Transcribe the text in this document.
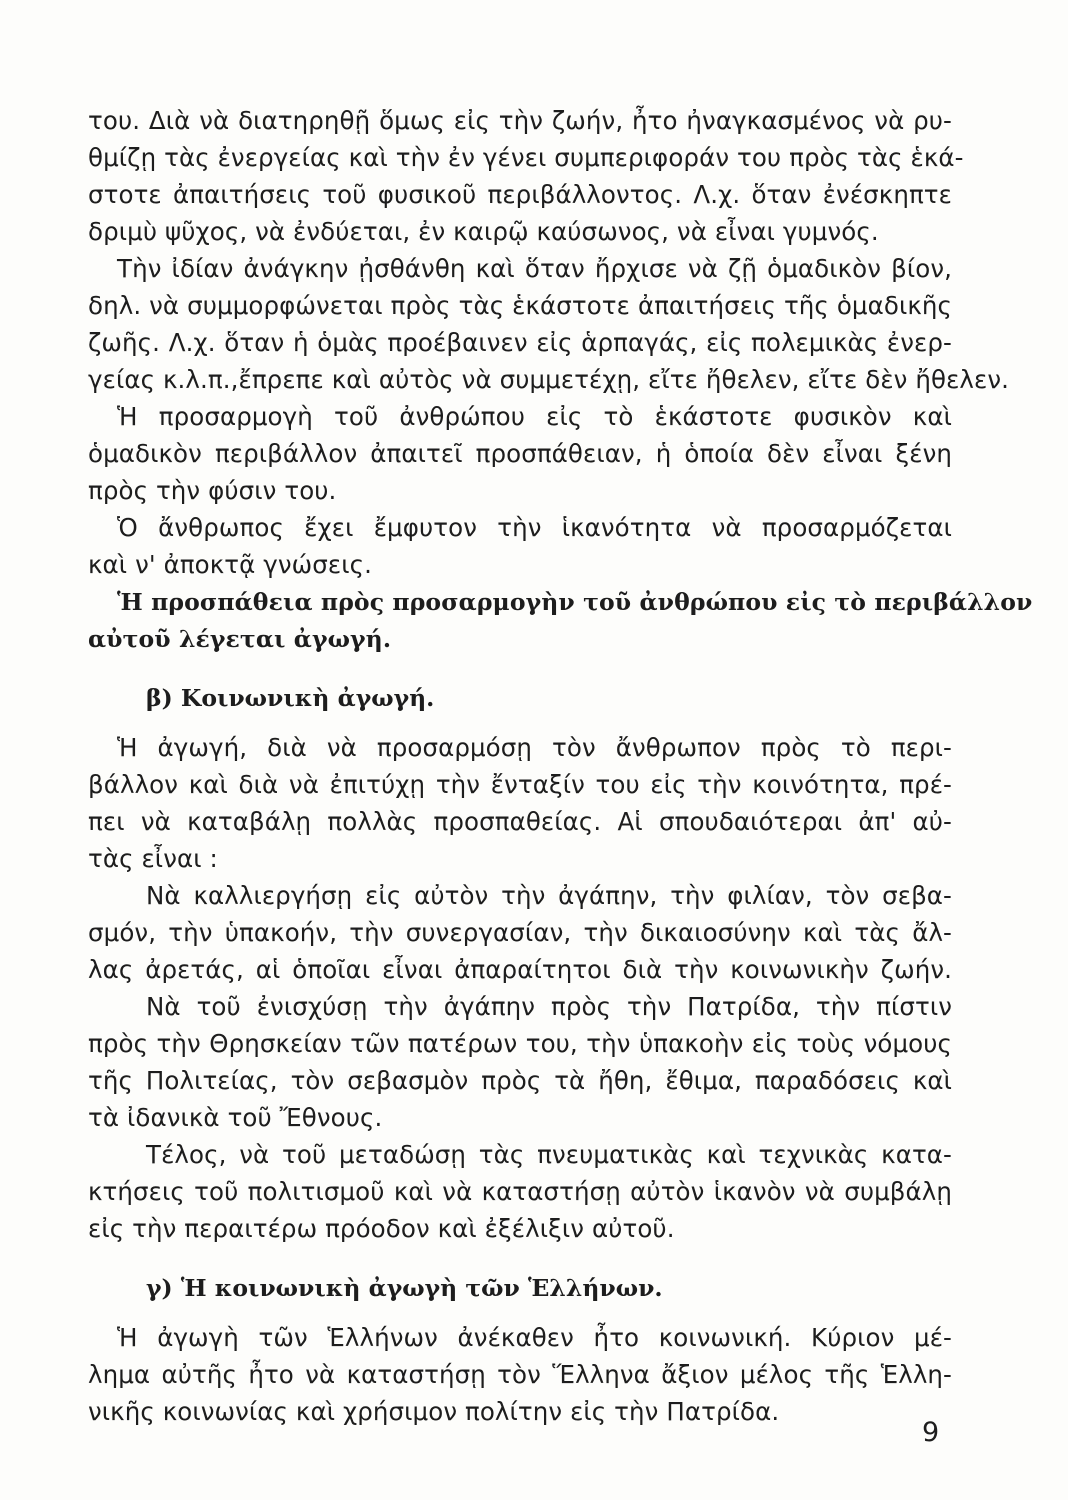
του. Διὰ νὰ διατηρηθῇ ὅμως εἰς τὴν ζωήν, ἦτο ἠναγκασμένος νὰ ρυ-
θμίζῃ τὰς ἐνεργείας καὶ τὴν ἐν γένει συμπεριφοράν του πρὸς τὰς ἑκά-
στοτε ἀπαιτήσεις τοῦ φυσικοῦ περιβάλλοντος. Λ.χ. ὅταν ἐνέσκηπτε
δριμὺ ψῦχος, νὰ ἐνδύεται, ἐν καιρῷ καύσωνος, νὰ εἶναι γυμνός.
Τὴν ἰδίαν ἀνάγκην ᾐσθάνθη καὶ ὅταν ἤρχισε νὰ ζῇ ὁμαδικὸν βίον,
δηλ. νὰ συμμορφώνεται πρὸς τὰς ἑκάστοτε ἀπαιτήσεις τῆς ὁμαδικῆς
ζωῆς. Λ.χ. ὅταν ἡ ὁμὰς προέβαινεν εἰς ἁρπαγάς, εἰς πολεμικὰς ἐνερ-
γείας κ.λ.π.,ἔπρεπε καὶ αὐτὸς νὰ συμμετέχῃ, εἴτε ἤθελεν, εἴτε δὲν ἤθελεν.
Ἡ προσαρμογὴ τοῦ ἀνθρώπου εἰς τὸ ἑκάστοτε φυσικὸν καὶ
ὁμαδικὸν περιβάλλον ἀπαιτεῖ προσπάθειαν, ἡ ὁποία δὲν εἶναι ξένη
πρὸς τὴν φύσιν του.
Ὁ ἄνθρωπος ἔχει ἔμφυτον τὴν ἱκανότητα νὰ προσαρμόζεται
καὶ ν' ἀποκτᾷ γνώσεις.
Ἡ προσπάθεια πρὸς προσαρμογὴν τοῦ ἀνθρώπου εἰς τὸ περιβάλλον
αὐτοῦ λέγεται ἀγωγή.
β) Κοινωνικὴ ἀγωγή.
Ἡ ἀγωγή, διὰ νὰ προσαρμόσῃ τὸν ἄνθρωπον πρὸς τὸ περι-
βάλλον καὶ διὰ νὰ ἐπιτύχῃ τὴν ἔνταξίν του εἰς τὴν κοινότητα, πρέ-
πει νὰ καταβάλῃ πολλὰς προσπαθείας. Αἱ σπουδαιότεραι ἀπ' αὐ-
τὰς εἶναι :
Νὰ καλλιεργήσῃ εἰς αὐτὸν τὴν ἀγάπην, τὴν φιλίαν, τὸν σεβα-
σμόν, τὴν ὑπακοήν, τὴν συνεργασίαν, τὴν δικαιοσύνην καὶ τὰς ἄλ-
λας ἀρετάς, αἱ ὁποῖαι εἶναι ἀπαραίτητοι διὰ τὴν κοινωνικὴν ζωήν.
Νὰ τοῦ ἐνισχύσῃ τὴν ἀγάπην πρὸς τὴν Πατρίδα, τὴν πίστιν
πρὸς τὴν Θρησκείαν τῶν πατέρων του, τὴν ὑπακοὴν εἰς τοὺς νόμους
τῆς Πολιτείας, τὸν σεβασμὸν πρὸς τὰ ἤθη, ἔθιμα, παραδόσεις καὶ
τὰ ἰδανικὰ τοῦ Ἔθνους.
Τέλος, νὰ τοῦ μεταδώσῃ τὰς πνευματικὰς καὶ τεχνικὰς κατα-
κτήσεις τοῦ πολιτισμοῦ καὶ νὰ καταστήσῃ αὐτὸν ἱκανὸν νὰ συμβάλῃ
εἰς τὴν περαιτέρω πρόοδον καὶ ἐξέλιξιν αὐτοῦ.
γ) Ἡ κοινωνικὴ ἀγωγὴ τῶν Ἑλλήνων.
Ἡ ἀγωγὴ τῶν Ἑλλήνων ἀνέκαθεν ἦτο κοινωνική. Κύριον μέ-
λημα αὐτῆς ἦτο νὰ καταστήσῃ τὸν Ἕλληνα ἄξιον μέλος τῆς Ἑλλη-
νικῆς κοινωνίας καὶ χρήσιμον πολίτην εἰς τὴν Πατρίδα.
9
